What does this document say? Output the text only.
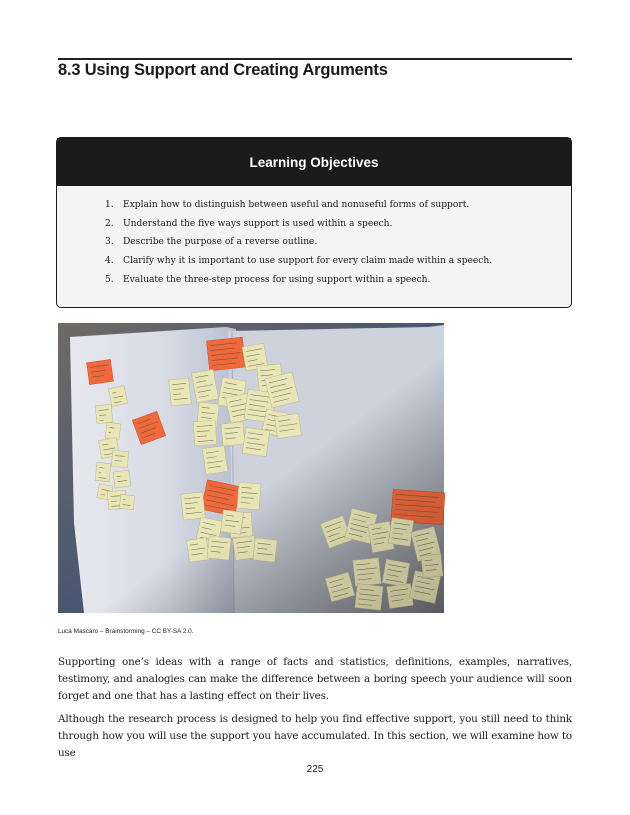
8.3 Using Support and Creating Arguments
Learning Objectives
1.	Explain how to distinguish between useful and nonuseful forms of support.
2.	Understand the five ways support is used within a speech.
3.	Describe the purpose of a reverse outline.
4.	Clarify why it is important to use support for every claim made within a speech.
5.	Evaluate the three-step process for using support within a speech.

Luca Mascaro – Brainstorming – CC BY-SA 2.0.

Supporting one’s ideas with a range of facts and statistics, definitions, examples, narratives, testimony, and analogies can make the difference between a boring speech your audience will soon forget and one that has a lasting effect on their lives.

Although the research process is designed to help you find effective support, you still need to think through how you will use the support you have accumulated. In this section, we will examine how to use

225
